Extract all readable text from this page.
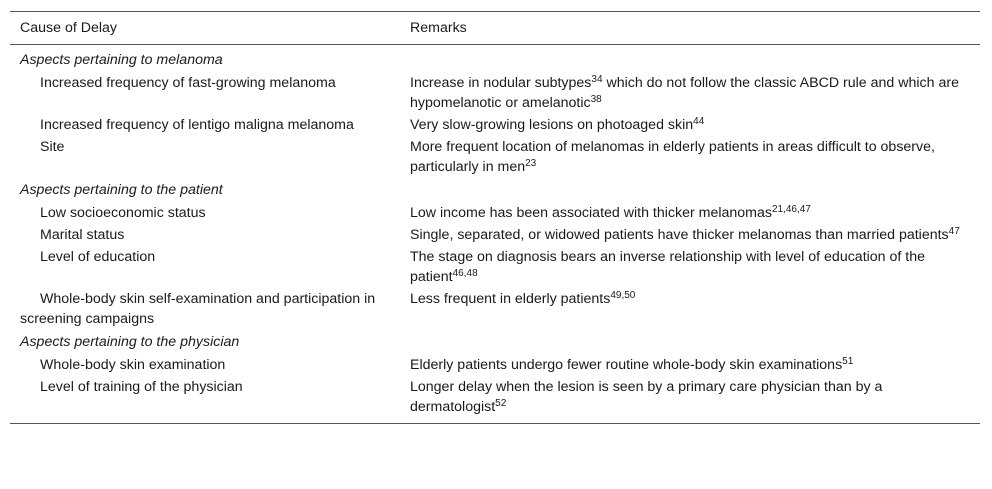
Cause of Delay	Remarks
Aspects pertaining to melanoma	
Increased frequency of fast-growing melanoma	Increase in nodular subtypes$^{34}$ which do not follow the classic ABCD rule and which are hypomelanotic or amelanotic$^{38}$
Increased frequency of lentigo maligna melanoma	Very slow-growing lesions on photoaged skin$^{44}$
Site	More frequent location of melanomas in elderly patients in areas difficult to observe, particularly in men$^{23}$
Aspects pertaining to the patient	
Low socioeconomic status	Low income has been associated with thicker melanomas$^{21,46,47}$
Marital status	Single, separated, or widowed patients have thicker melanomas than married patients$^{47}$
Level of education	The stage on diagnosis bears an inverse relationship with level of education of the patient$^{46,48}$
Whole-body skin self-examination and participation in screening campaigns	Less frequent in elderly patients$^{49,50}$
Aspects pertaining to the physician	
Whole-body skin examination	Elderly patients undergo fewer routine whole-body skin examinations$^{51}$
Level of training of the physician	Longer delay when the lesion is seen by a primary care physician than by a dermatologist$^{52}$
